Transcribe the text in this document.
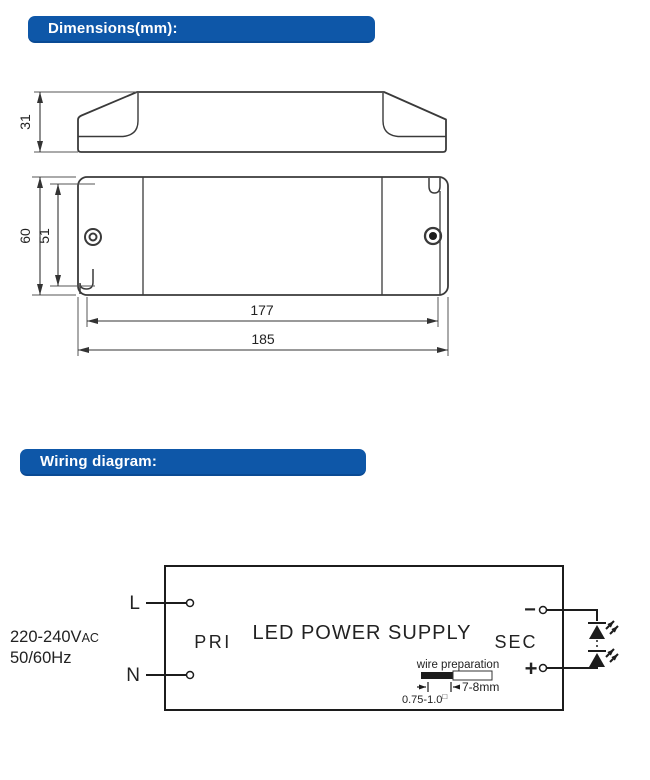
Dimensions(mm):
31
60 51
177
185
Wiring diagram:
LED POWER SUPPLY
PRI	SEC
220-240VAC
50/60Hz
L
N
−
+
wire preparation
7-8mm
0.75-1.0□
